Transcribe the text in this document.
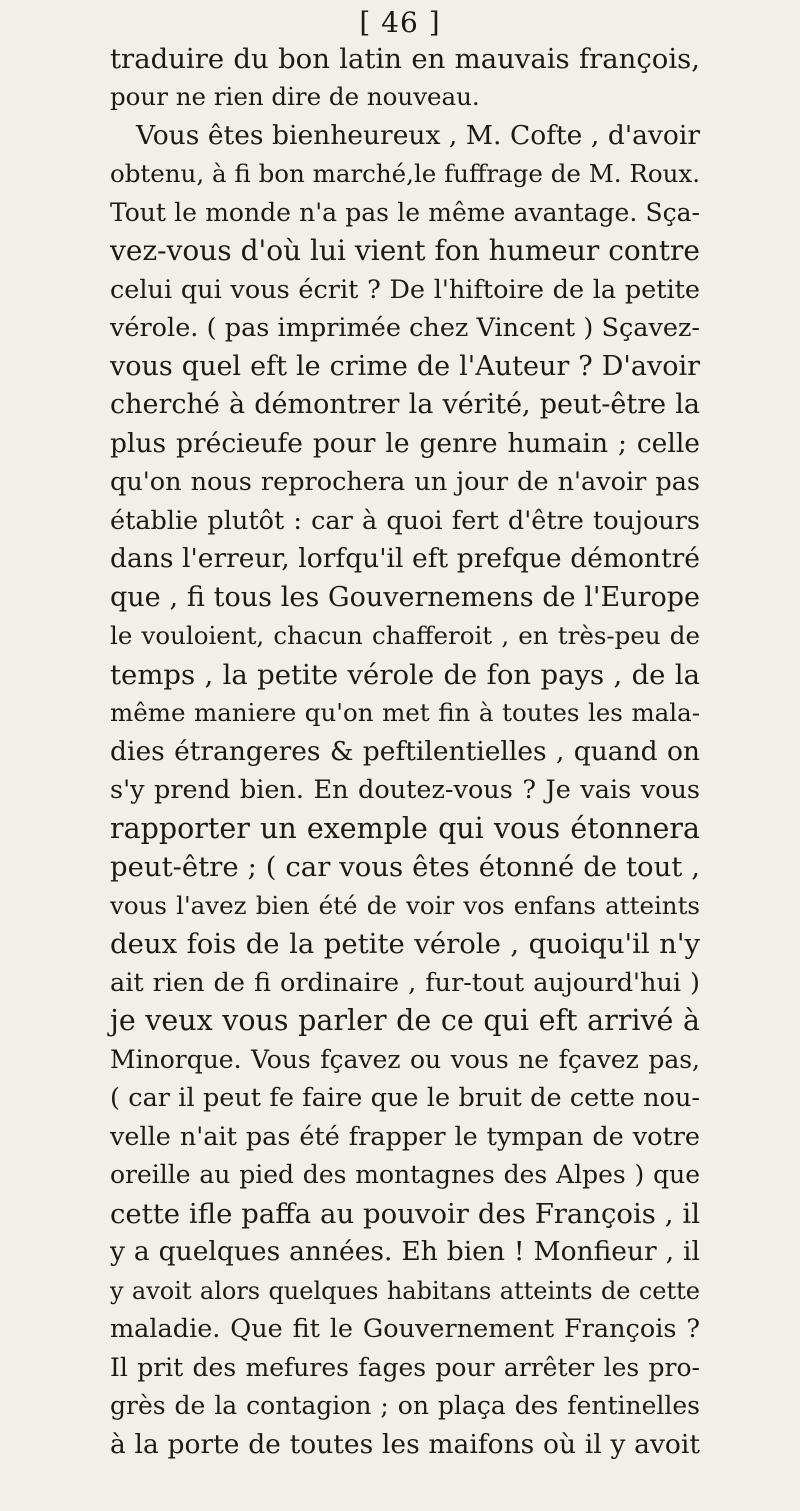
[ 46 ]
traduire du bon latin en mauvais françois,
pour ne rien dire de nouveau.
Vous êtes bienheureux , M. Cofte , d'avoir
obtenu, à fi bon marché,le fuffrage de M. Roux.
Tout le monde n'a pas le même avantage. Sça-
vez-vous d'où lui vient fon humeur contre
celui qui vous écrit ? De l'hiftoire de la petite
vérole. ( pas imprimée chez Vincent ) Sçavez-
vous quel eft le crime de l'Auteur ? D'avoir
cherché à démontrer la vérité, peut-être la
plus précieufe pour le genre humain ; celle
qu'on nous reprochera un jour de n'avoir pas
établie plutôt : car à quoi fert d'être toujours
dans l'erreur, lorfqu'il eft prefque démontré
que , fi tous les Gouvernemens de l'Europe
le vouloient, chacun chafferoit , en très-peu de
temps , la petite vérole de fon pays , de la
même maniere qu'on met fin à toutes les mala-
dies étrangeres & peftilentielles , quand on
s'y prend bien. En doutez-vous ? Je vais vous
rapporter un exemple qui vous étonnera
peut-être ; ( car vous êtes étonné de tout ,
vous l'avez bien été de voir vos enfans atteints
deux fois de la petite vérole , quoiqu'il n'y
ait rien de fi ordinaire , fur-tout aujourd'hui )
je veux vous parler de ce qui eft arrivé à
Minorque. Vous fçavez ou vous ne fçavez pas,
( car il peut fe faire que le bruit de cette nou-
velle n'ait pas été frapper le tympan de votre
oreille au pied des montagnes des Alpes ) que
cette ifle paffa au pouvoir des François , il
y a quelques années. Eh bien ! Monfieur , il
y avoit alors quelques habitans atteints de cette
maladie. Que fit le Gouvernement François ?
Il prit des mefures fages pour arrêter les pro-
grès de la contagion ; on plaça des fentinelles
à la porte de toutes les maifons où il y avoit
